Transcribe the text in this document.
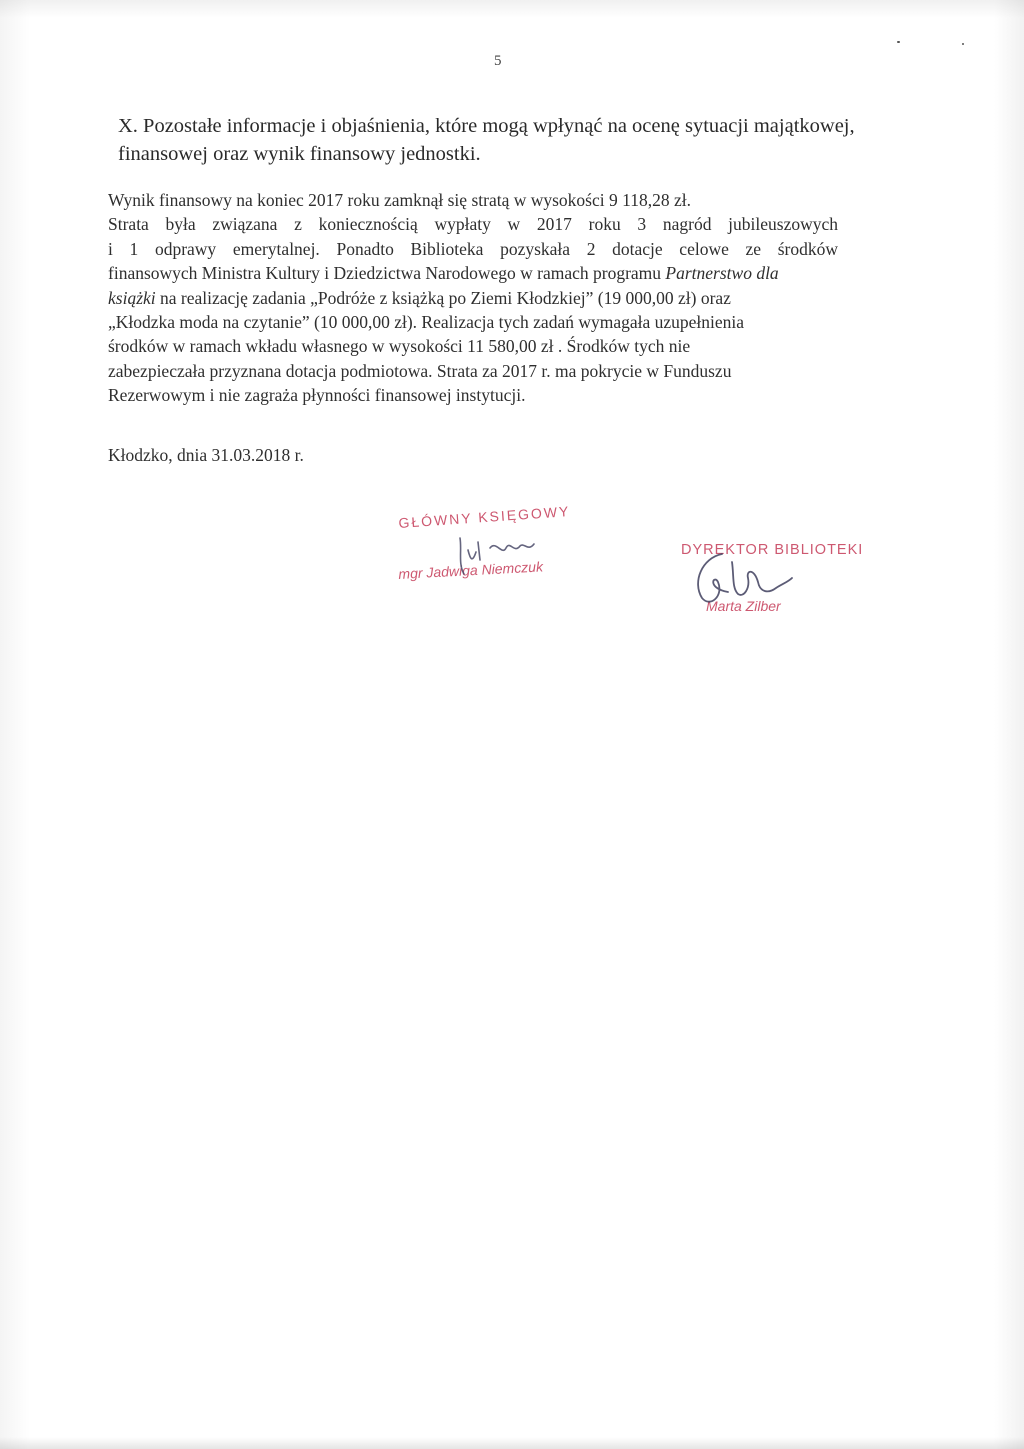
5
X. Pozostałe informacje i objaśnienia, które mogą wpłynąć na ocenę sytuacji majątkowej, finansowej oraz wynik finansowy jednostki.
Wynik finansowy na koniec 2017 roku zamknął się stratą w wysokości 9 118,28 zł.
Strata była związana z koniecznością wypłaty w 2017 roku 3 nagród jubileuszowych
i 1 odprawy emerytalnej. Ponadto Biblioteka pozyskała 2 dotacje celowe ze środków
finansowych Ministra Kultury i Dziedzictwa Narodowego w ramach programu Partnerstwo dla
książki na realizację zadania „Podróże z książką po Ziemi Kłodzkiej” (19 000,00 zł) oraz
„Kłodzka moda na czytanie” (10 000,00 zł). Realizacja tych zadań wymagała uzupełnienia
środków w ramach wkładu własnego w wysokości 11 580,00 zł . Środków tych nie
zabezpieczała przyznana dotacja podmiotowa. Strata za 2017 r. ma pokrycie w Funduszu
Rezerwowym i nie zagraża płynności finansowej instytucji.
Kłodzko, dnia 31.03.2018 r.
GŁÓWNY KSIĘGOWY
mgr Jadwiga Niemczuk
DYREKTOR BIBLIOTEKI
Marta Zilber
